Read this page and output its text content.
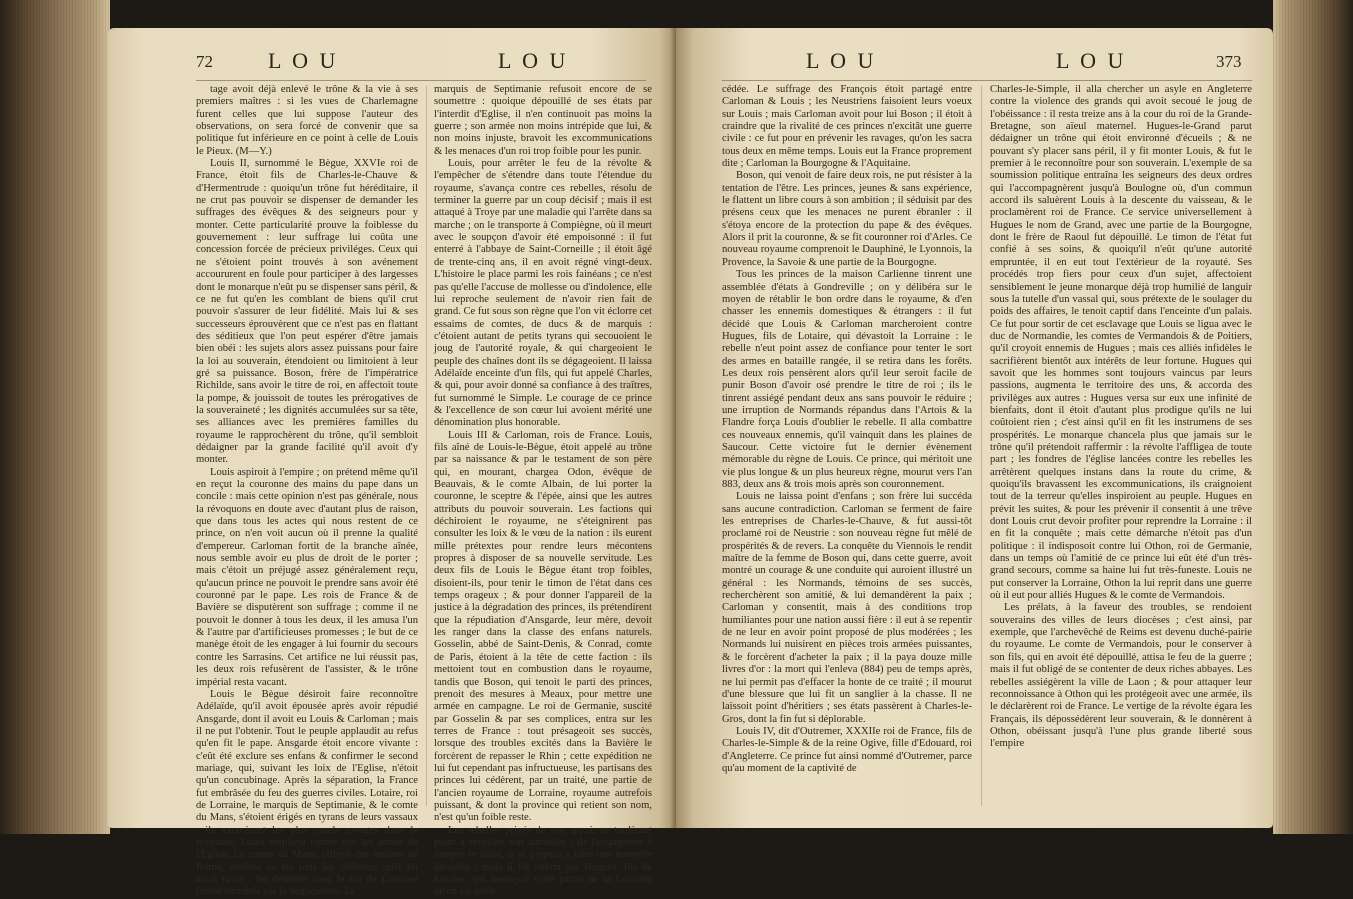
72	L O U	L O U

tage avoit déjà enlevé le trône & la vie à ses premiers maîtres : si les vues de Charlemagne furent celles que lui suppose l'auteur des observations, on sera forcé de convenir que sa politique fut inférieure en ce point à celle de Louis le Pieux. (M—Y.)

Louis II, surnommé le Bègue, XXVIe roi de France, étoit fils de Charles-le-Chauve & d'Hermentrude : quoiqu'un trône fut héréditaire, il ne crut pas pouvoir se dispenser de demander les suffrages des évêques & des seigneurs pour y monter. Cette particularité prouve la foiblesse du gouvernement : leur suffrage lui coûta une concession forcée de précieux priviléges. Ceux qui ne s'étoient point trouvés à son avénement accoururent en foule pour participer à des largesses dont le monarque n'eût pu se dispenser sans péril, & ce ne fut qu'en les comblant de biens qu'il crut pouvoir s'assurer de leur fidélité. Mais lui & ses successeurs éprouvèrent que ce n'est pas en flattant des séditieux que l'on peut espérer d'être jamais bien obéi : les sujets alors assez puissans pour faire la loi au souverain, étendoient ou limitoient à leur gré sa puissance. Boson, frère de l'impératrice Richilde, sans avoir le titre de roi, en affectoit toute la pompe, & jouissoit de toutes les prérogatives de la souveraineté ; les dignités accumulées sur sa tête, ses alliances avec les premières familles du royaume le rapprochèrent du trône, qu'il sembloit dédaigner par la grande facilité qu'il avoit d'y monter.

Louis aspiroit à l'empire ; on prétend même qu'il en reçut la couronne des mains du pape dans un concile : mais cette opinion n'est pas générale, nous la révoquons en doute avec d'autant plus de raison, que dans tous les actes qui nous restent de ce prince, on n'en voit aucun où il prenne la qualité d'empereur. Carloman fortit de la branche aînée, nous semble avoir eu plus de droit de le porter ; mais c'étoit un préjugé assez généralement reçu, qu'aucun prince ne pouvoit le prendre sans avoir été couronné par le pape. Les rois de France & de Bavière se disputèrent son suffrage ; comme il ne pouvoit le donner à tous les deux, il les amusa l'un & l'autre par d'artificieuses promesses ; le but de ce manège étoit de les engager à lui fournir du secours contre les Sarrasins. Cet artifice ne lui réussit pas, les deux rois refusèrent de l'assister, & le trône impérial resta vacant.

Louis le Bègue désiroit faire reconnoître Adélaïde, qu'il avoit épousée après avoir répudié Ansgarde, dont il avoit eu Louis & Carloman ; mais il ne put l'obtenir. Tout le peuple applaudit au refus qu'en fit le pape. Ansgarde étoit encore vivante : c'eût été exclure ses enfans & confirmer le second mariage, qui, suivant les loix de l'Eglise, n'étoit qu'un concubinage. Après la séparation, la France fut embrâsée du feu des guerres civiles. Lotaire, roi de Lorraine, le marquis de Septimanie, & le comte du Mans, s'étoient érigés en tyrans de leurs vassaux : ils exercèrent les plus cruels ravages dans le royaume. Louis employa contre eux les armes de l'Eglise. Le comte du Mans, effrayé des foudres de Rome, restitua au roi tous les châteaux qu'il lui avoit ravis : les démêlés avec le roi de Lorraine furent terminés par la négociation. Le

marquis de Septimanie refusoit encore de se soumettre : quoique dépouillé de ses états par l'interdit d'Eglise, il n'en continuoit pas moins la guerre ; son armée non moins intrépide que lui, & non moins injuste, bravoit les excommunications & les menaces d'un roi trop foible pour les punir.

Louis, pour arrêter le feu de la révolte & l'empêcher de s'étendre dans toute l'étendue du royaume, s'avança contre ces rebelles, résolu de terminer la guerre par un coup décisif ; mais il est attaqué à Troye par une maladie qui l'arrête dans sa marche ; on le transporte à Compiègne, où il meurt avec le soupçon d'avoir été empoisonné : il fut enterré à l'abbaye de Saint-Corneille ; il étoit âgé de trente-cinq ans, il en avoit régné vingt-deux. L'histoire le place parmi les rois fainéans ; ce n'est pas qu'elle l'accuse de mollesse ou d'indolence, elle lui reproche seulement de n'avoir rien fait de grand. Ce fut sous son règne que l'on vit éclorre cet essaims de comtes, de ducs & de marquis : c'étoient autant de petits tyrans qui secouoient le joug de l'autorité royale, & qui chargeoient le peuple des chaînes dont ils se dégageoient. Il laissa Adélaïde enceinte d'un fils, qui fut appelé Charles, & qui, pour avoir donné sa confiance à des traîtres, fut surnommé le Simple. Le courage de ce prince & l'excellence de son cœur lui avoient mérité une dénomination plus honorable.

Louis III & Carloman, rois de France. Louis, fils aîné de Louis-le-Bègue, étoit appelé au trône par sa naissance & par le testament de son père qui, en mourant, chargea Odon, évêque de Beauvais, & le comte Albain, de lui porter la couronne, le sceptre & l'épée, ainsi que les autres attributs du pouvoir souverain. Les factions qui déchiroient le royaume, ne s'éteignirent pas consulter les loix & le vœu de la nation : ils eurent mille prétextes pour rendre leurs mécontens propres à disposer de sa nouvelle servitude. Les deux fils de Louis le Bègue étant trop foibles, disoient-ils, pour tenir le timon de l'état dans ces temps orageux ; & pour donner l'appareil de la justice à la dégradation des princes, ils prétendirent que la répudiation d'Ansgarde, leur mère, devoit les ranger dans la classe des enfans naturels. Gosselin, abbé de Saint-Denis, & Conrad, comte de Paris, étoient à la tête de cette faction : ils mettoient tout en combustion dans le royaume, tandis que Boson, qui tenoit le parti des princes, prenoit des mesures à Meaux, pour mettre une armée en campagne. Le roi de Germanie, suscité par Gosselin & par ses complices, entra sur les terres de France : tout présageoit ses succès, lorsque des troubles excités dans la Bavière le forcèrent de repasser le Rhin ; cette expédition ne lui fut cependant pas infructueuse, les partisans des princes lui cédèrent, par un traité, une partie de l'ancien royaume de Lorraine, royaume autrefois puissant, & dont la province qui retient son nom, n'est qu'un foible reste.

Les rebelles privés de son appui, ne tardèrent point à réveiller son ambition ; ils l'engagèrent à rompre le traité, il se prépara à faire une nouvelle invasion ; mais il fut retenu par Hugues, fils de Lotaire, qui menaçoit cette partie de la Lorraine qu'on lui avoit

L O U	L O U	373

cédée. Le suffrage des François étoit partagé entre Carloman & Louis ; les Neustriens faisoient leurs voeux sur Louis ; mais Carloman avoit pour lui Boson ; il étoit à craindre que la rivalité de ces princes n'excitât une guerre civile : ce fut pour en prévenir les ravages, qu'on les sacra tous deux en même temps. Louis eut la France proprement dite ; Carloman la Bourgogne & l'Aquitaine.

Boson, qui venoit de faire deux rois, ne put résister à la tentation de l'être. Les princes, jeunes & sans expérience, le flattent un libre cours à son ambition ; il séduisit par des présens ceux que les menaces ne purent ébranler : il s'étoya encore de la protection du pape & des évêques. Alors il prit la couronne, & se fit couronner roi d'Arles. Ce nouveau royaume comprenoit le Dauphiné, le Lyonnois, la Provence, la Savoie & une partie de la Bourgogne.

Tous les princes de la maison Carlienne tinrent une assemblée d'états à Gondreville ; on y délibéra sur le moyen de rétablir le bon ordre dans le royaume, & d'en chasser les ennemis domestiques & étrangers : il fut décidé que Louis & Carloman marcheroient contre Hugues, fils de Lotaire, qui dévastoit la Lorraine : le rebelle n'eut point assez de confiance pour tenter le sort des armes en bataille rangée, il se retira dans les forêts. Les deux rois pensèrent alors qu'il leur seroit facile de punir Boson d'avoir osé prendre le titre de roi ; ils le tinrent assiégé pendant deux ans sans pouvoir le réduire ; une irruption de Normands répandus dans l'Artois & la Flandre força Louis d'oublier le rebelle. Il alla combattre ces nouveaux ennemis, qu'il vainquit dans les plaines de Saucour. Cette victoire fut le dernier évènement mémorable du règne de Louis. Ce prince, qui méritoit une vie plus longue & un plus heureux règne, mourut vers l'an 883, deux ans & trois mois après son couronnement.

Louis ne laissa point d'enfans ; son frère lui succéda sans aucune contradiction. Carloman se ferment de faire les entreprises de Charles-le-Chauve, & fut aussi-tôt proclamé roi de Neustrie : son nouveau règne fut mêlé de prospérités & de revers. La conquête du Viennois le rendit maître de la femme de Boson qui, dans cette guerre, avoit montré un courage & une conduite qui auroient illustré un général : les Normands, témoins de ses succès, recherchèrent son amitié, & lui demandèrent la paix ; Carloman y consentit, mais à des conditions trop humiliantes pour une nation aussi fière : il eut à se repentir de ne leur en avoir point proposé de plus modérées ; les Normands lui nuisirent en pièces trois armées puissantes, & le forcèrent d'acheter la paix ; il la paya douze mille livres d'or : la mort qui l'enleva (884) peu de temps après, ne lui permit pas d'effacer la honte de ce traité ; il mourut d'une blessure que lui fit un sanglier à la chasse. Il ne laissoit point d'héritiers ; ses états passèrent à Charles-le-Gros, dont la fin fut si déplorable.

Louis IV, dit d'Outremer, XXXIIe roi de France, fils de Charles-le-Simple & de la reine Ogive, fille d'Edouard, roi d'Angleterre. Ce prince fut ainsi nommé d'Outremer, parce qu'au moment de la captivité de

Charles-le-Simple, il alla chercher un asyle en Angleterre contre la violence des grands qui avoit secoué le joug de l'obéissance : il resta treize ans à la cour du roi de la Grande-Bretagne, son aïeul maternel. Hugues-le-Grand parut dédaigner un trône qui étoit environné d'écueils ; & ne pouvant s'y placer sans péril, il y fit monter Louis, & fut le premier à le reconnoître pour son souverain. L'exemple de sa soumission politique entraîna les seigneurs des deux ordres qui l'accompagnèrent jusqu'à Boulogne où, d'un commun accord ils saluèrent Louis à la descente du vaisseau, & le proclamèrent roi de France. Ce service universellement à Hugues le nom de Grand, avec une partie de la Bourgogne, dont le frère de Raoul fut dépouillé. Le timon de l'état fut confié à ses soins, & quoiqu'il n'eût qu'une autorité empruntée, il en eut tout l'extérieur de la royauté. Ses procédés trop fiers pour ceux d'un sujet, affectoient sensiblement le jeune monarque déjà trop humilié de languir sous la tutelle d'un vassal qui, sous prétexte de le soulager du poids des affaires, le tenoit captif dans l'enceinte d'un palais. Ce fut pour sortir de cet esclavage que Louis se ligua avec le duc de Normandie, les comtes de Vermandois & de Poitiers, qu'il croyoit ennemis de Hugues ; mais ces alliés infidèles le sacrifièrent bientôt aux intérêts de leur fortune. Hugues qui savoit que les hommes sont toujours vaincus par leurs passions, augmenta le territoire des uns, & accorda des privilèges aux autres : Hugues versa sur eux une infinité de bienfaits, dont il étoit d'autant plus prodigue qu'ils ne lui coûtoient rien ; c'est ainsi qu'il en fit les instrumens de ses prospérités. Le monarque chancela plus que jamais sur le trône qu'il prétendoit raffermir : la révolte l'affligea de toute part ; les fondres de l'église lancées contre les rebelles les arrêtèrent quelques instans dans la route du crime, & quoiqu'ils bravassent les excommunications, ils craignoient tout de la terreur qu'elles inspiroient au peuple. Hugues en prévit les suites, & pour les prévenir il consentit à une trêve dont Louis crut devoir profiter pour reprendre la Lorraine : il en fit la conquête ; mais cette démarche n'étoit pas d'un politique : il indisposoit contre lui Othon, roi de Germanie, dans un temps où l'amitié de ce prince lui eût été d'un très-grand secours, comme sa haine lui fut très-funeste. Louis ne put conserver la Lorraine, Othon la lui reprit dans une guerre où il eut pour alliés Hugues & le comte de Vermandois.

Les prélats, à la faveur des troubles, se rendoient souverains des villes de leurs diocèses ; c'est ainsi, par exemple, que l'archevêché de Reims est devenu duché-pairie du royaume. Le comte de Vermandois, pour le conserver à son fils, qui en avoit été dépouillé, attisa le feu de la guerre ; mais il fut obligé de se contenter de deux riches abbayes. Les rebelles assiégèrent la ville de Laon ; & pour attaquer leur reconnoissance à Othon qui les protégeoit avec une armée, ils le déclarèrent roi de France. Le vertige de la révolte égara les Français, ils dépossédèrent leur souverain, & le donnèrent à Othon, obéissant jusqu'à l'une plus grande liberté sous l'empire
